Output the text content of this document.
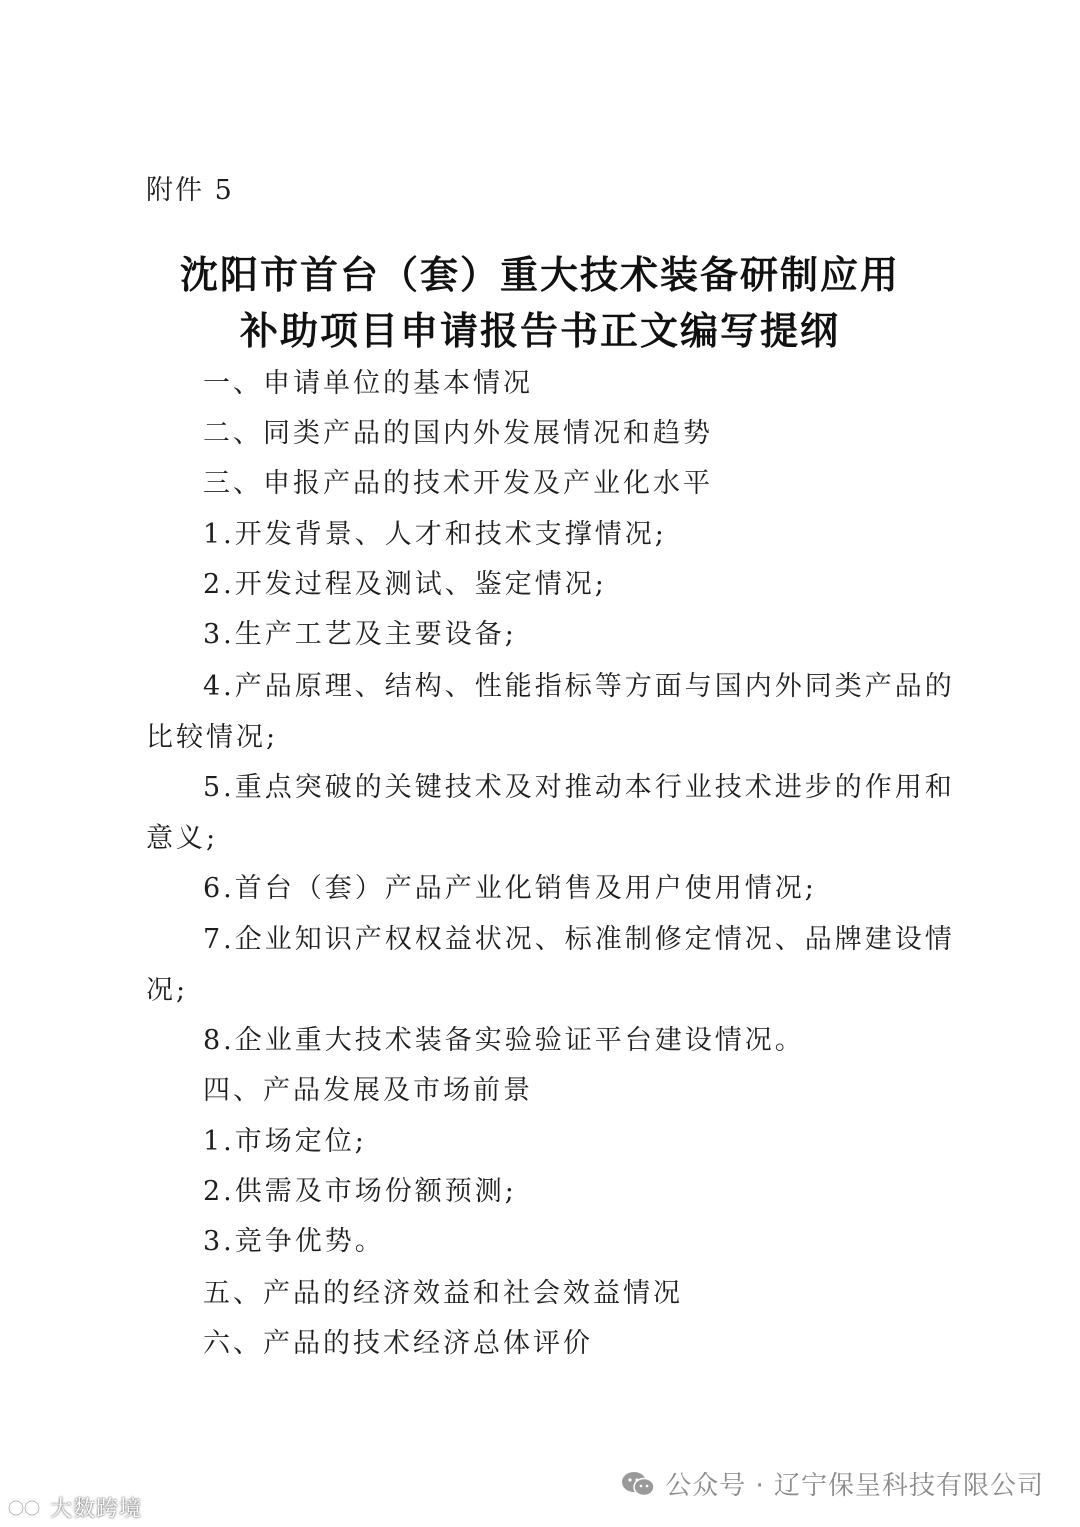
附件 5
沈阳市首台（套）重大技术装备研制应用
补助项目申请报告书正文编写提纲
一、申请单位的基本情况
二、同类产品的国内外发展情况和趋势
三、申报产品的技术开发及产业化水平
1.开发背景、人才和技术支撑情况;
2.开发过程及测试、鉴定情况;
3.生产工艺及主要设备;
4.产品原理、结构、性能指标等方面与国内外同类产品的
比较情况;
5.重点突破的关键技术及对推动本行业技术进步的作用和
意义;
6.首台（套）产品产业化销售及用户使用情况;
7.企业知识产权权益状况、标准制修定情况、品牌建设情
况;
8.企业重大技术装备实验验证平台建设情况。
四、产品发展及市场前景
1.市场定位;
2.供需及市场份额预测;
3.竞争优势。
五、产品的经济效益和社会效益情况
六、产品的技术经济总体评价
公众号 · 辽宁保呈科技有限公司
大数跨境
